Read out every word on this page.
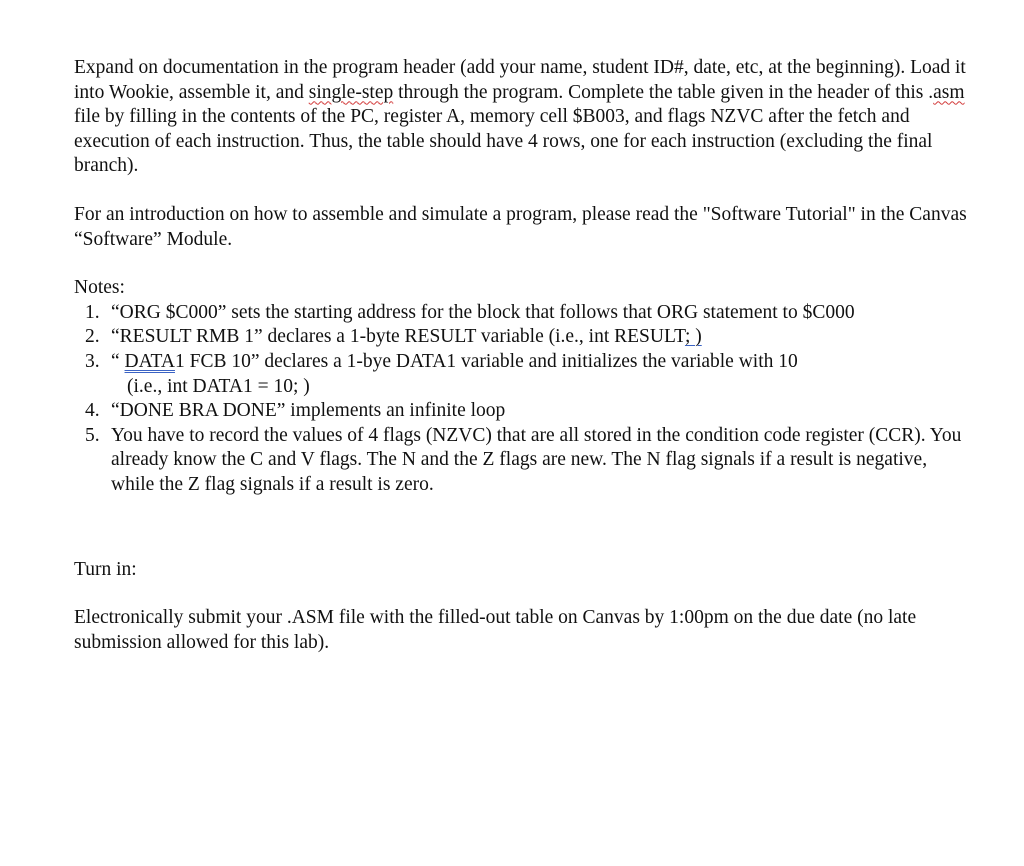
Expand on documentation in the program header (add your name, student ID#, date, etc, at the beginning). Load it into Wookie, assemble it, and single-step through the program. Complete the table given in the header of this .asm file by filling in the contents of the PC, register A, memory cell $B003, and flags NZVC after the fetch and execution of each instruction. Thus, the table should have 4 rows, one for each instruction (excluding the final branch).

For an introduction on how to assemble and simulate a program, please read the "Software Tutorial" in the Canvas “Software” Module.

Notes:

1. “ORG $C000” sets the starting address for the block that follows that ORG statement to $C000
2. “RESULT RMB 1” declares a 1-byte RESULT variable (i.e., int RESULT; )
3. “ DATA1 FCB 10” declares a 1-bye DATA1 variable and initializes the variable with 10
(i.e., int DATA1 = 10; )
4. “DONE BRA DONE” implements an infinite loop
5. You have to record the values of 4 flags (NZVC) that are all stored in the condition code register (CCR). You already know the C and V flags. The N and the Z flags are new. The N flag signals if a result is negative, while the Z flag signals if a result is zero.

Turn in:

Electronically submit your .ASM file with the filled-out table on Canvas by 1:00pm on the due date (no late submission allowed for this lab).
